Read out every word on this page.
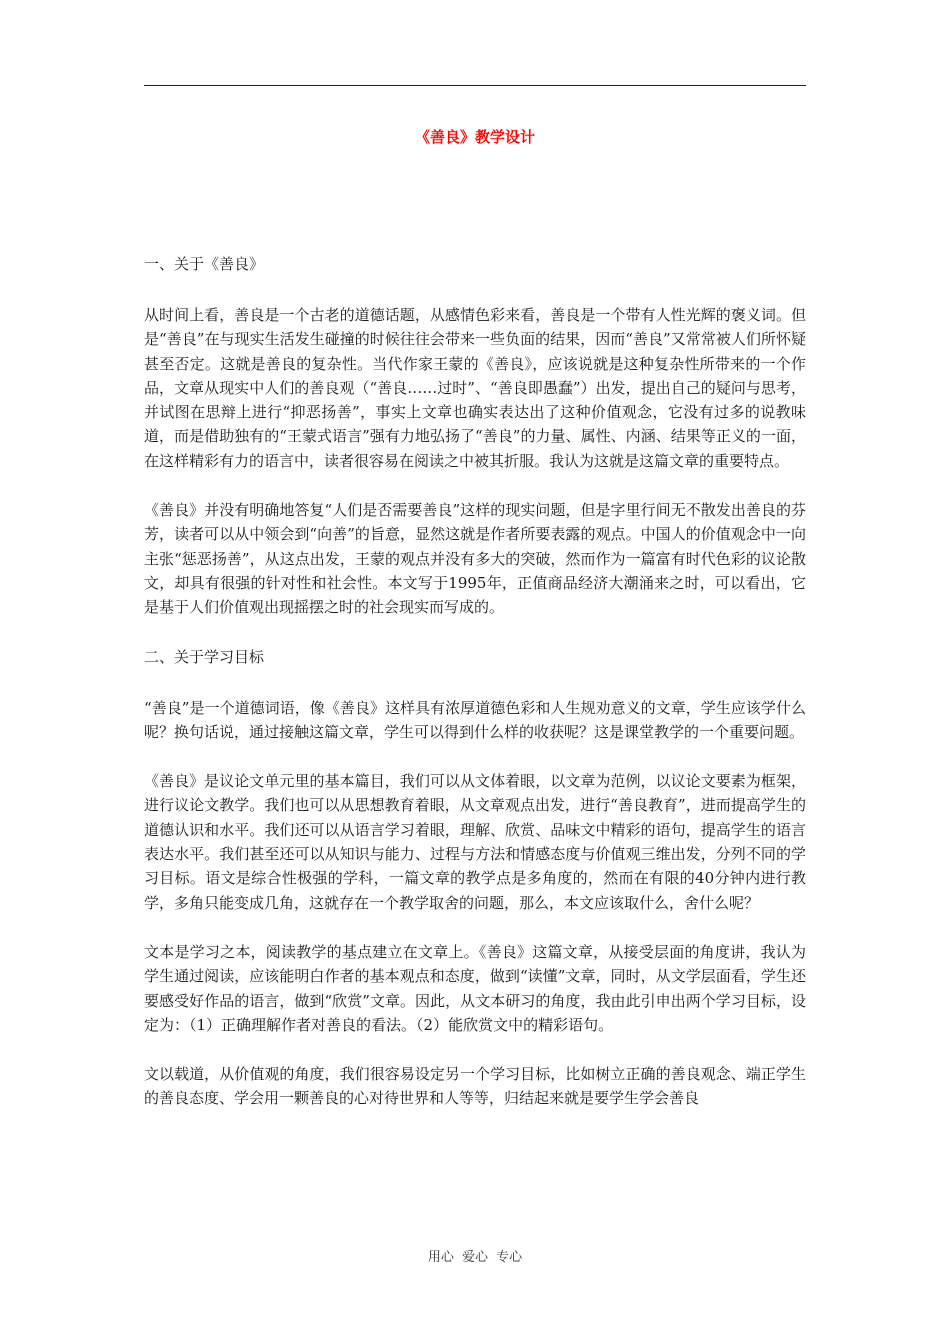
《善良》教学设计
一、关于《善良》

从时间上看，善良是一个古老的道德话题，从感情色彩来看，善良是一个带有人性光辉的褒义词。但是“善良”在与现实生活发生碰撞的时候往往会带来一些负面的结果，因而“善良”又常常被人们所怀疑甚至否定。这就是善良的复杂性。当代作家王蒙的《善良》，应该说就是这种复杂性所带来的一个作品，文章从现实中人们的善良观（“善良……过时”、“善良即愚蠢”）出发，提出自己的疑问与思考，并试图在思辩上进行“抑恶扬善”，事实上文章也确实表达出了这种价值观念，它没有过多的说教味道，而是借助独有的“王蒙式语言”强有力地弘扬了“善良”的力量、属性、内涵、结果等正义的一面，在这样精彩有力的语言中，读者很容易在阅读之中被其折服。我认为这就是这篇文章的重要特点。

《善良》并没有明确地答复“人们是否需要善良”这样的现实问题，但是字里行间无不散发出善良的芬芳，读者可以从中领会到“向善”的旨意，显然这就是作者所要表露的观点。中国人的价值观念中一向主张“惩恶扬善”，从这点出发，王蒙的观点并没有多大的突破，然而作为一篇富有时代色彩的议论散文，却具有很强的针对性和社会性。本文写于1995年，正值商品经济大潮涌来之时，可以看出，它是基于人们价值观出现摇摆之时的社会现实而写成的。

二、关于学习目标

“善良”是一个道德词语，像《善良》这样具有浓厚道德色彩和人生规劝意义的文章，学生应该学什么呢？换句话说，通过接触这篇文章，学生可以得到什么样的收获呢？这是课堂教学的一个重要问题。

《善良》是议论文单元里的基本篇目，我们可以从文体着眼，以文章为范例，以议论文要素为框架，进行议论文教学。我们也可以从思想教育着眼，从文章观点出发，进行“善良教育”，进而提高学生的道德认识和水平。我们还可以从语言学习着眼，理解、欣赏、品味文中精彩的语句，提高学生的语言表达水平。我们甚至还可以从知识与能力、过程与方法和情感态度与价值观三维出发，分列不同的学习目标。语文是综合性极强的学科，一篇文章的教学点是多角度的，然而在有限的40分钟内进行教学，多角只能变成几角，这就存在一个教学取舍的问题，那么，本文应该取什么，舍什么呢？

文本是学习之本，阅读教学的基点建立在文章上。《善良》这篇文章，从接受层面的角度讲，我认为学生通过阅读，应该能明白作者的基本观点和态度，做到“读懂”文章，同时，从文学层面看，学生还要感受好作品的语言，做到“欣赏”文章。因此，从文本研习的角度，我由此引申出两个学习目标，设定为：（1）正确理解作者对善良的看法。（2）能欣赏文中的精彩语句。

文以载道，从价值观的角度，我们很容易设定另一个学习目标，比如树立正确的善良观念、端正学生的善良态度、学会用一颗善良的心对待世界和人等等，归结起来就是要学生学会善良

用心 爱心 专心
